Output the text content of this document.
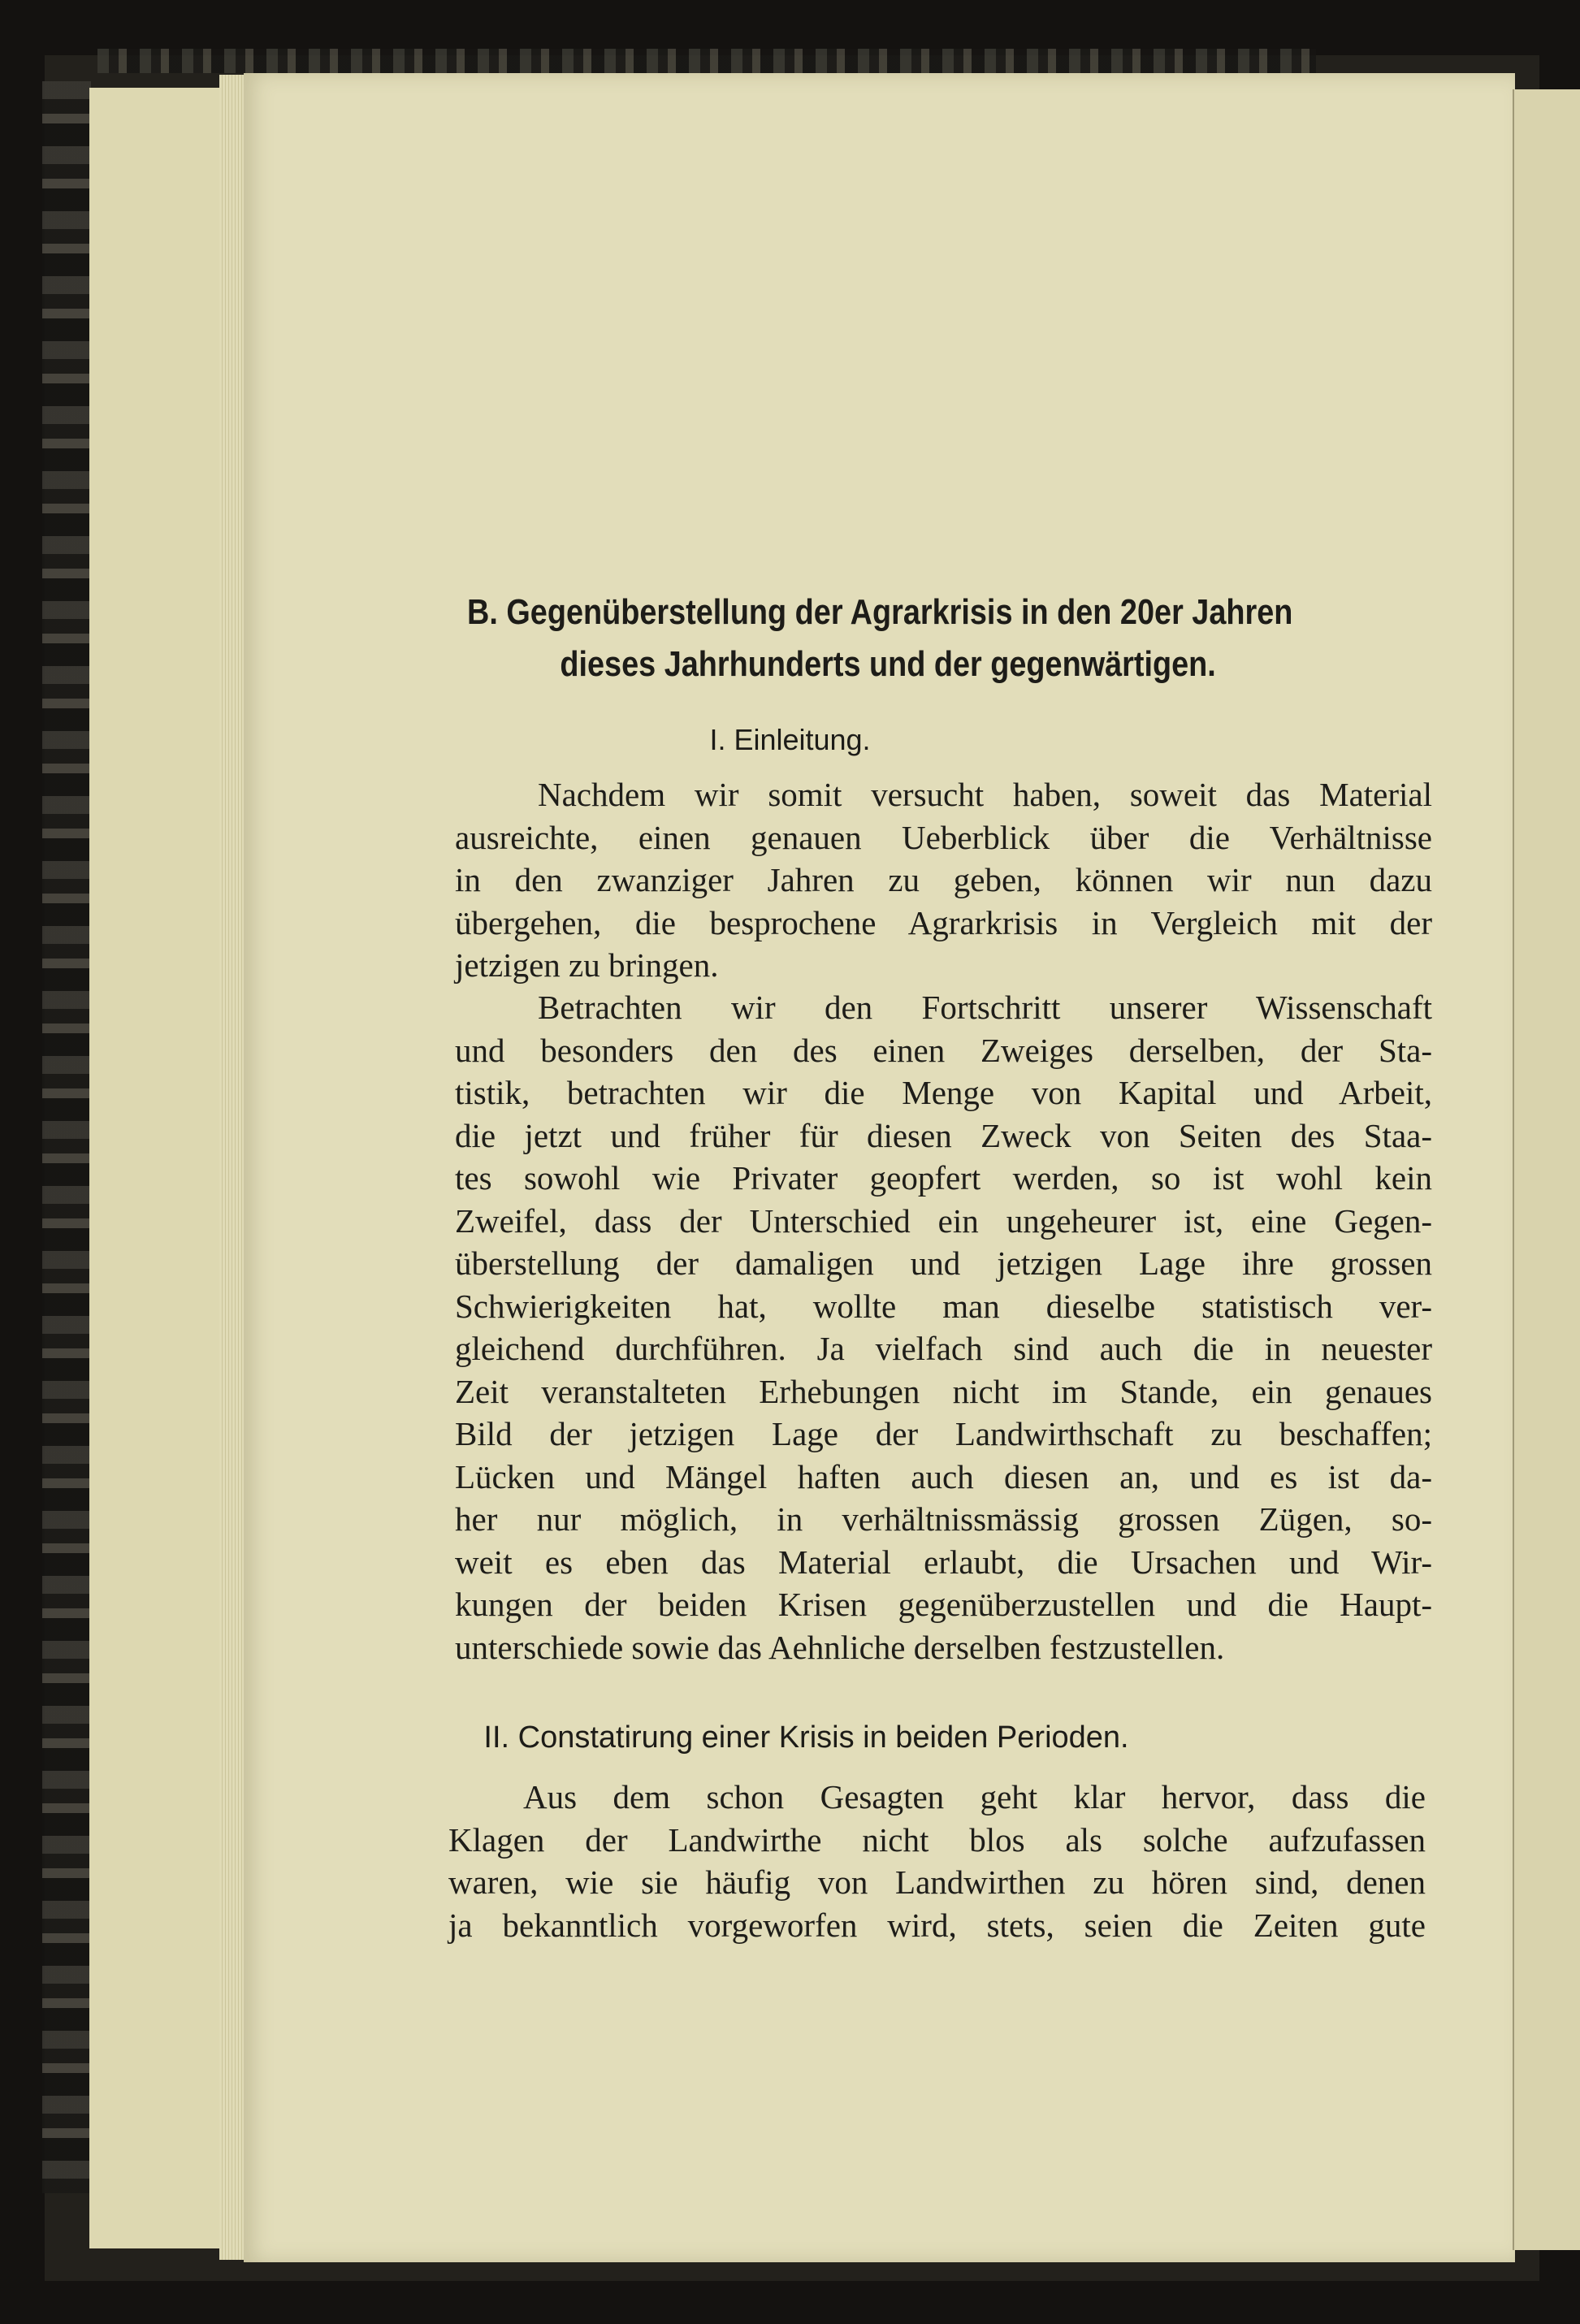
B. Gegenüberstellung der Agrarkrisis in den 20er Jahren
dieses Jahrhunderts und der gegenwärtigen.
I. Einleitung.
Nachdem wir somit versucht haben, soweit das Material
ausreichte, einen genauen Ueberblick über die Verhältnisse
in den zwanziger Jahren zu geben, können wir nun dazu
übergehen, die besprochene Agrarkrisis in Vergleich mit der
jetzigen zu bringen.
Betrachten wir den Fortschritt unserer Wissenschaft
und besonders den des einen Zweiges derselben, der Sta-
tistik, betrachten wir die Menge von Kapital und Arbeit,
die jetzt und früher für diesen Zweck von Seiten des Staa-
tes sowohl wie Privater geopfert werden, so ist wohl kein
Zweifel, dass der Unterschied ein ungeheurer ist, eine Gegen-
überstellung der damaligen und jetzigen Lage ihre grossen
Schwierigkeiten hat, wollte man dieselbe statistisch ver-
gleichend durchführen. Ja vielfach sind auch die in neuester
Zeit veranstalteten Erhebungen nicht im Stande, ein genaues
Bild der jetzigen Lage der Landwirthschaft zu beschaffen;
Lücken und Mängel haften auch diesen an, und es ist da-
her nur möglich, in verhältnissmässig grossen Zügen, so-
weit es eben das Material erlaubt, die Ursachen und Wir-
kungen der beiden Krisen gegenüberzustellen und die Haupt-
unterschiede sowie das Aehnliche derselben festzustellen.
II. Constatirung einer Krisis in beiden Perioden.
Aus dem schon Gesagten geht klar hervor, dass die
Klagen der Landwirthe nicht blos als solche aufzufassen
waren, wie sie häufig von Landwirthen zu hören sind, denen
ja bekanntlich vorgeworfen wird, stets, seien die Zeiten gute
